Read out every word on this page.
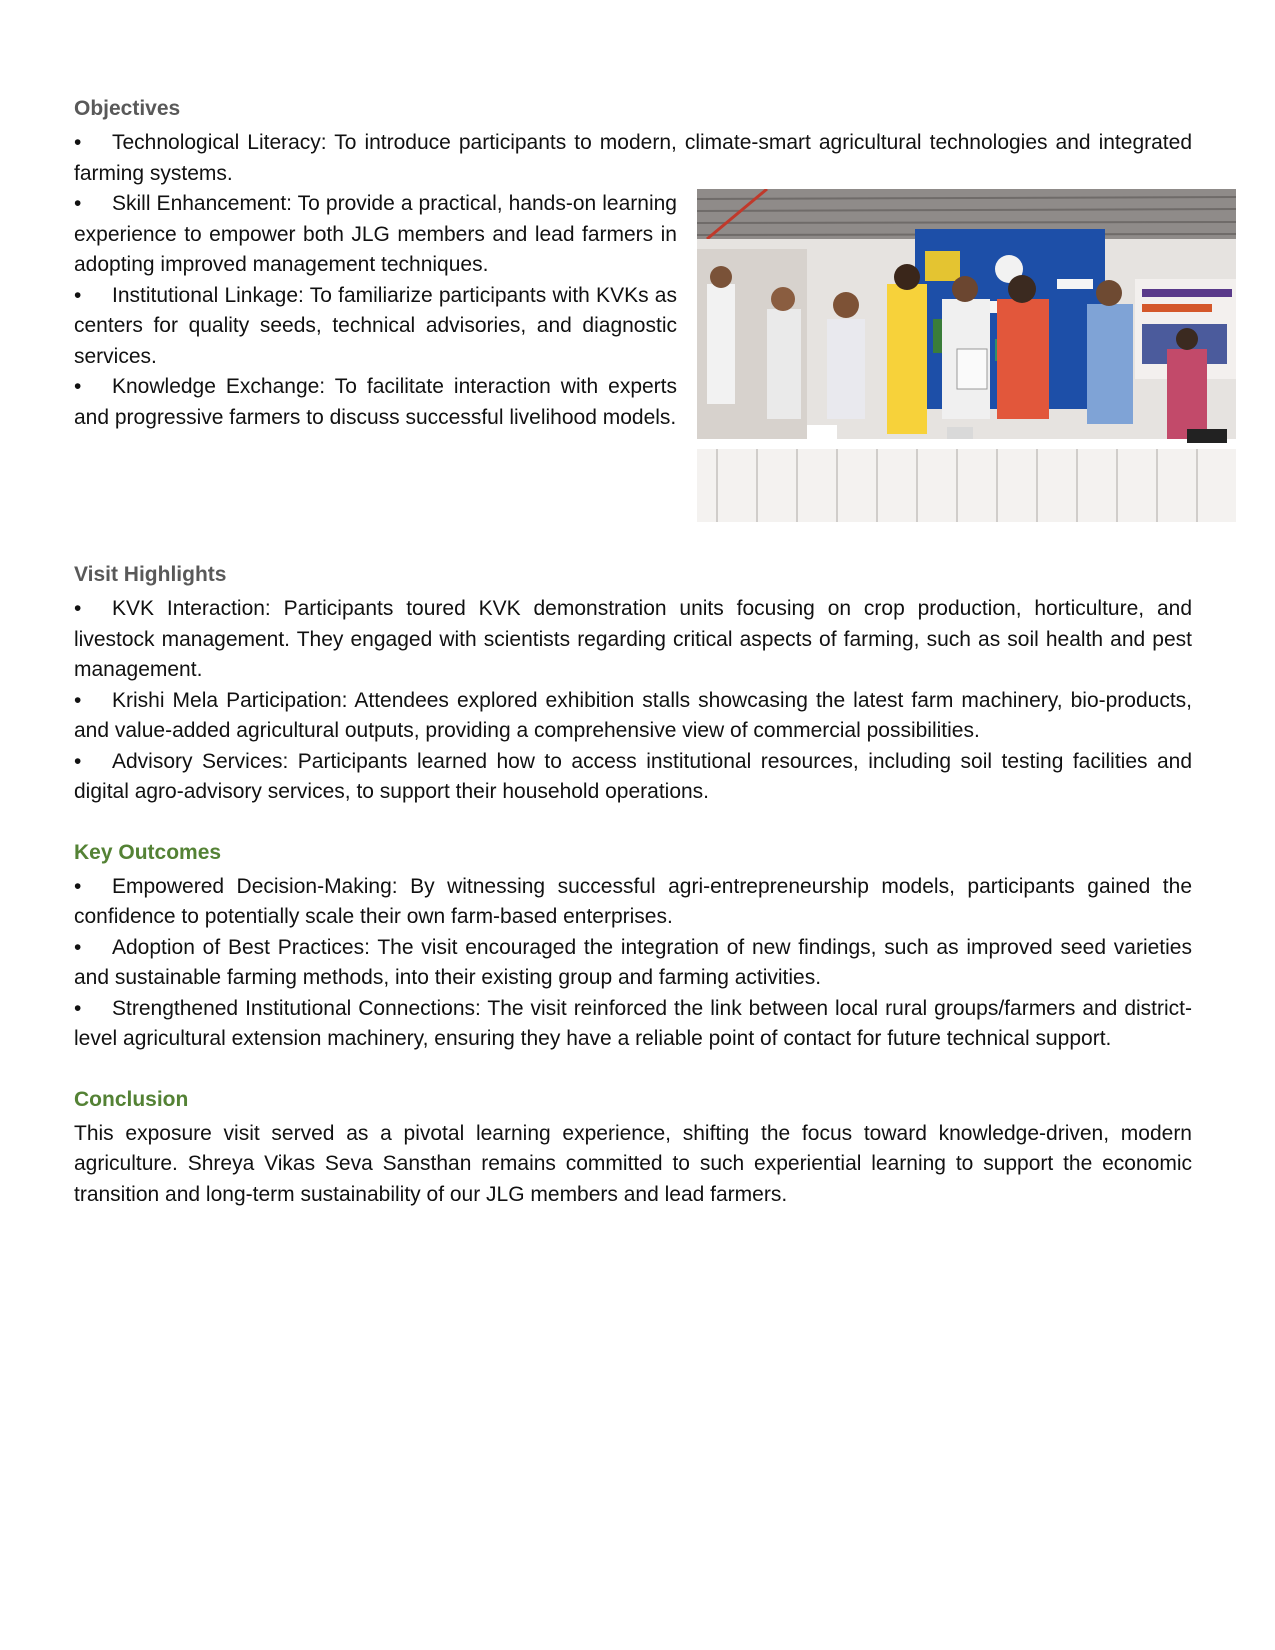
Objectives

• Technological Literacy: To introduce participants to modern, climate-smart agricultural technologies and integrated farming systems.

• Skill Enhancement: To provide a practical, hands-on learning experience to empower both JLG members and lead farmers in adopting improved management techniques.

• Institutional Linkage: To familiarize participants with KVKs as centers for quality seeds, technical advisories, and diagnostic services.

• Knowledge Exchange: To facilitate interaction with experts and progressive farmers to discuss successful livelihood models.

Visit Highlights

• KVK Interaction: Participants toured KVK demonstration units focusing on crop production, horticulture, and livestock management. They engaged with scientists regarding critical aspects of farming, such as soil health and pest management.

• Krishi Mela Participation: Attendees explored exhibition stalls showcasing the latest farm machinery, bio-products, and value-added agricultural outputs, providing a comprehensive view of commercial possibilities.

• Advisory Services: Participants learned how to access institutional resources, including soil testing facilities and digital agro-advisory services, to support their household operations.

Key Outcomes

• Empowered Decision-Making: By witnessing successful agri-entrepreneurship models, participants gained the confidence to potentially scale their own farm-based enterprises.

• Adoption of Best Practices: The visit encouraged the integration of new findings, such as improved seed varieties and sustainable farming methods, into their existing group and farming activities.

• Strengthened Institutional Connections: The visit reinforced the link between local rural groups/farmers and district-level agricultural extension machinery, ensuring they have a reliable point of contact for future technical support.

Conclusion

This exposure visit served as a pivotal learning experience, shifting the focus toward knowledge-driven, modern agriculture. Shreya Vikas Seva Sansthan remains committed to such experiential learning to support the economic transition and long-term sustainability of our JLG members and lead farmers.
